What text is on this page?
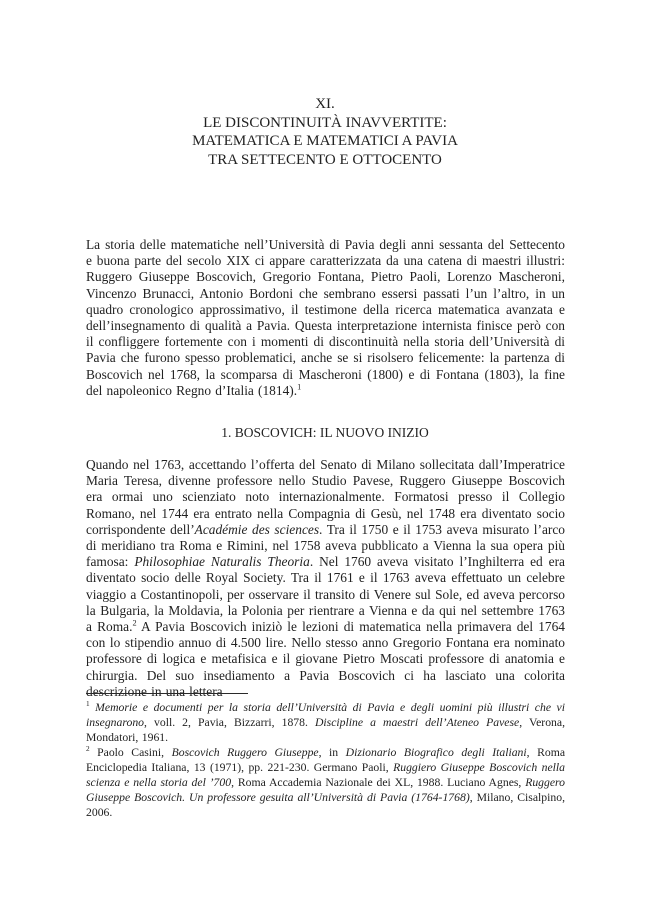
XI.
LE DISCONTINUITÀ INAVVERTITE:
MATEMATICA E MATEMATICI A PAVIA
TRA SETTECENTO E OTTOCENTO

La storia delle matematiche nell’Università di Pavia degli anni sessanta del Settecento e buona parte del secolo XIX ci appare caratterizzata da una catena di maestri illustri: Ruggero Giuseppe Boscovich, Gregorio Fontana, Pietro Paoli, Lorenzo Mascheroni, Vincenzo Brunacci, Antonio Bordoni che sembrano essersi passati l’un l’altro, in un quadro cronologico approssimativo, il testimone della ricerca matematica avanzata e dell’insegnamento di qualità a Pavia. Questa interpretazione internista finisce però con il confliggere fortemente con i momenti di discontinuità nella storia dell’Università di Pavia che furono spesso problematici, anche se si risolsero felicemente: la partenza di Boscovich nel 1768, la scomparsa di Mascheroni (1800) e di Fontana (1803), la fine del napoleonico Regno d’Italia (1814).$^1$

1. BOSCOVICH: IL NUOVO INIZIO

Quando nel 1763, accettando l’offerta del Senato di Milano sollecitata dall’Imperatrice Maria Teresa, divenne professore nello Studio Pavese, Ruggero Giuseppe Boscovich era ormai uno scienziato noto internazionalmente. Formatosi presso il Collegio Romano, nel 1744 era entrato nella Compagnia di Gesù, nel 1748 era diventato socio corrispondente dell’Académie des sciences. Tra il 1750 e il 1753 aveva misurato l’arco di meridiano tra Roma e Rimini, nel 1758 aveva pubblicato a Vienna la sua opera più famosa: Philosophiae Naturalis Theoria. Nel 1760 aveva visitato l’Inghilterra ed era diventato socio delle Royal Society. Tra il 1761 e il 1763 aveva effettuato un celebre viaggio a Costantinopoli, per osservare il transito di Venere sul Sole, ed aveva percorso la Bulgaria, la Moldavia, la Polonia per rientrare a Vienna e da qui nel settembre 1763 a Roma.$^2$ A Pavia Boscovich iniziò le lezioni di matematica nella primavera del 1764 con lo stipendio annuo di 4.500 lire. Nello stesso anno Gregorio Fontana era nominato professore di logica e metafisica e il giovane Pietro Moscati professore di anatomia e chirurgia. Del suo insediamento a Pavia Boscovich ci ha lasciato una colorita descrizione in una lettera

$^1$ Memorie e documenti per la storia dell’Università di Pavia e degli uomini più illustri che vi insegnarono, voll. 2, Pavia, Bizzarri, 1878. Discipline a maestri dell’Ateneo Pavese, Verona, Mondatori, 1961.

$^2$ Paolo Casini, Boscovich Ruggero Giuseppe, in Dizionario Biografico degli Italiani, Roma Enciclopedia Italiana, 13 (1971), pp. 221-230. Germano Paoli, Ruggiero Giuseppe Boscovich nella scienza e nella storia del ’700, Roma Accademia Nazionale dei XL, 1988. Luciano Agnes, Ruggero Giuseppe Boscovich. Un professore gesuita all’Università di Pavia (1764-1768), Milano, Cisalpino, 2006.
